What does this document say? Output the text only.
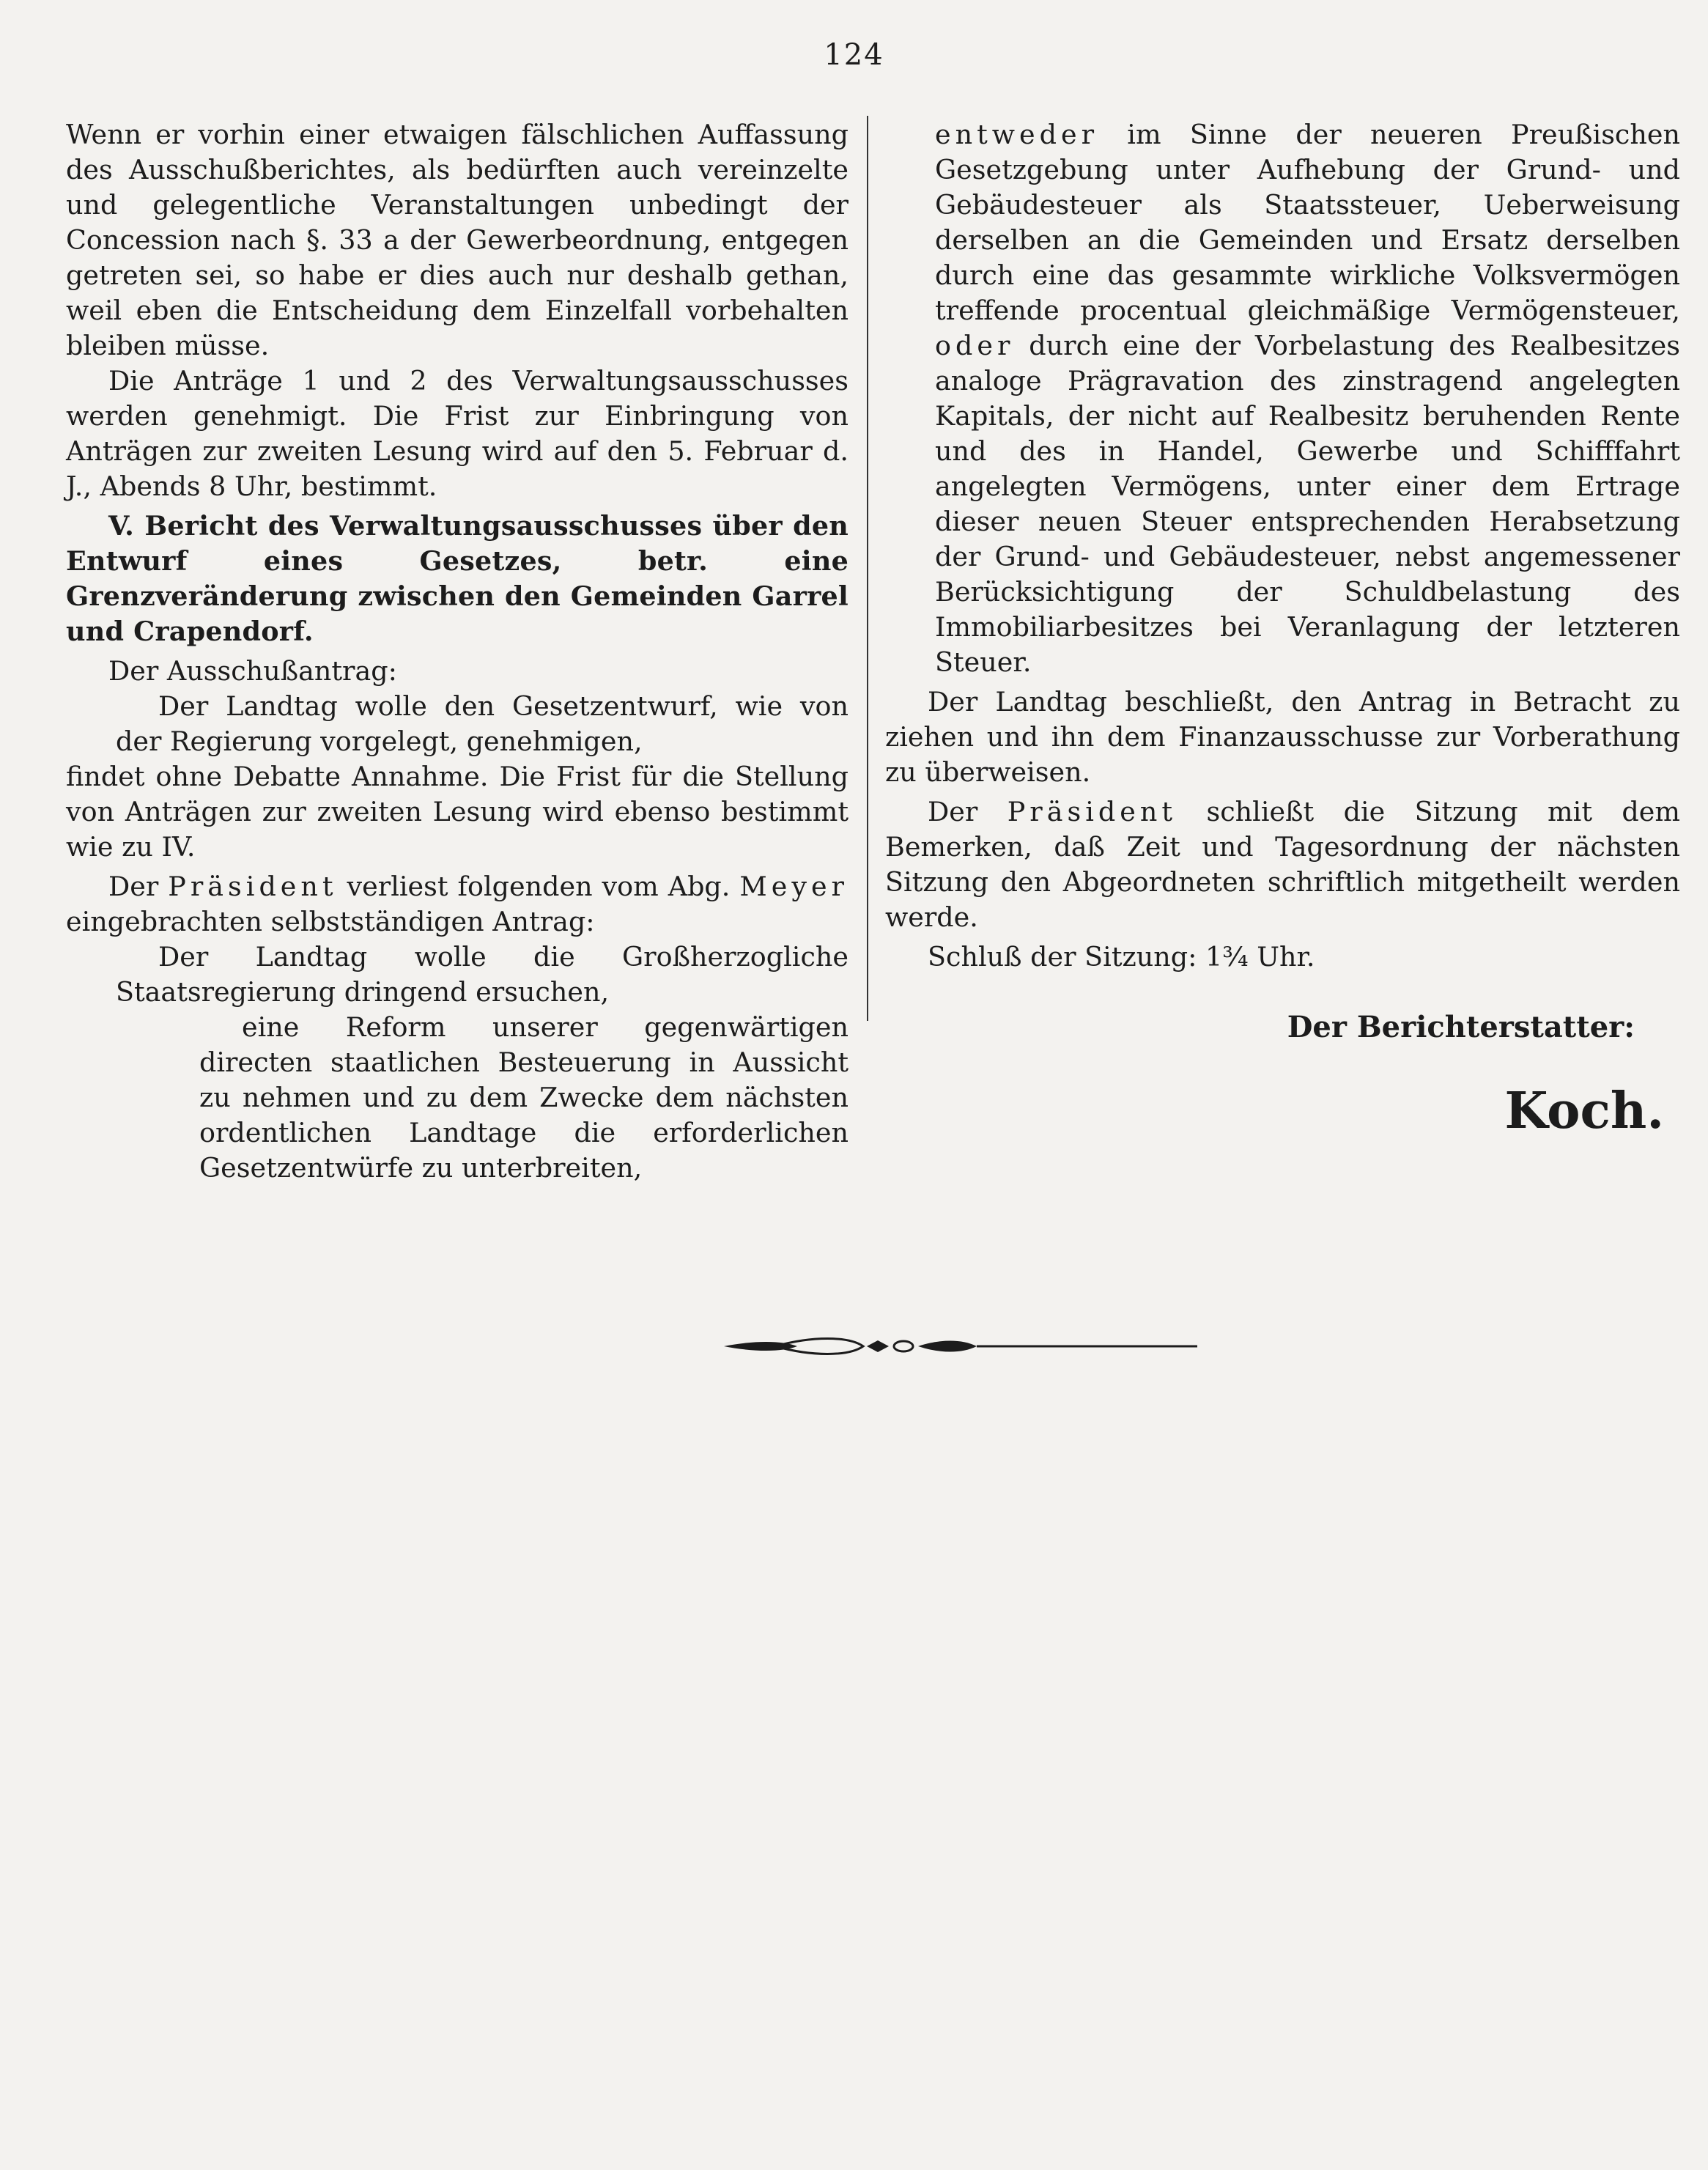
124

Wenn er vorhin einer etwaigen fälschlichen Auffassung des Ausschußberichtes, als bedürften auch vereinzelte und gelegentliche Veranstaltungen unbedingt der Concession nach §. 33 a der Gewerbeordnung, entgegen getreten sei, so habe er dies auch nur deshalb gethan, weil eben die Entscheidung dem Einzelfall vorbehalten bleiben müsse.

Die Anträge 1 und 2 des Verwaltungsausschusses werden genehmigt. Die Frist zur Einbringung von Anträgen zur zweiten Lesung wird auf den 5. Februar d. J., Abends 8 Uhr, bestimmt.

V. Bericht des Verwaltungsausschusses über den Entwurf eines Gesetzes, betr. eine Grenzveränderung zwischen den Gemeinden Garrel und Crapendorf.

Der Ausschußantrag:

Der Landtag wolle den Gesetzentwurf, wie von der Regierung vorgelegt, genehmigen,

findet ohne Debatte Annahme. Die Frist für die Stellung von Anträgen zur zweiten Lesung wird ebenso bestimmt wie zu IV.

Der Präsident verliest folgenden vom Abg. Meyer eingebrachten selbstständigen Antrag:

Der Landtag wolle die Großherzogliche Staatsregierung dringend ersuchen,

eine Reform unserer gegenwärtigen directen staatlichen Besteuerung in Aussicht zu nehmen und zu dem Zwecke dem nächsten ordentlichen Landtage die erforderlichen Gesetzentwürfe zu unterbreiten,

entweder im Sinne der neueren Preußischen Gesetzgebung unter Aufhebung der Grund- und Gebäudesteuer als Staatssteuer, Ueberweisung derselben an die Gemeinden und Ersatz derselben durch eine das gesammte wirkliche Volksvermögen treffende procentual gleichmäßige Vermögensteuer, oder durch eine der Vorbelastung des Realbesitzes analoge Prägravation des zinstragend angelegten Kapitals, der nicht auf Realbesitz beruhenden Rente und des in Handel, Gewerbe und Schifffahrt angelegten Vermögens, unter einer dem Ertrage dieser neuen Steuer entsprechenden Herabsetzung der Grund- und Gebäudesteuer, nebst angemessener Berücksichtigung der Schuldbelastung des Immobiliarbesitzes bei Veranlagung der letzteren Steuer.

Der Landtag beschließt, den Antrag in Betracht zu ziehen und ihn dem Finanzausschusse zur Vorberathung zu überweisen.

Der Präsident schließt die Sitzung mit dem Bemerken, daß Zeit und Tagesordnung der nächsten Sitzung den Abgeordneten schriftlich mitgetheilt werden werde.

Schluß der Sitzung: 1¾ Uhr.

Der Berichterstatter:

Koch.
